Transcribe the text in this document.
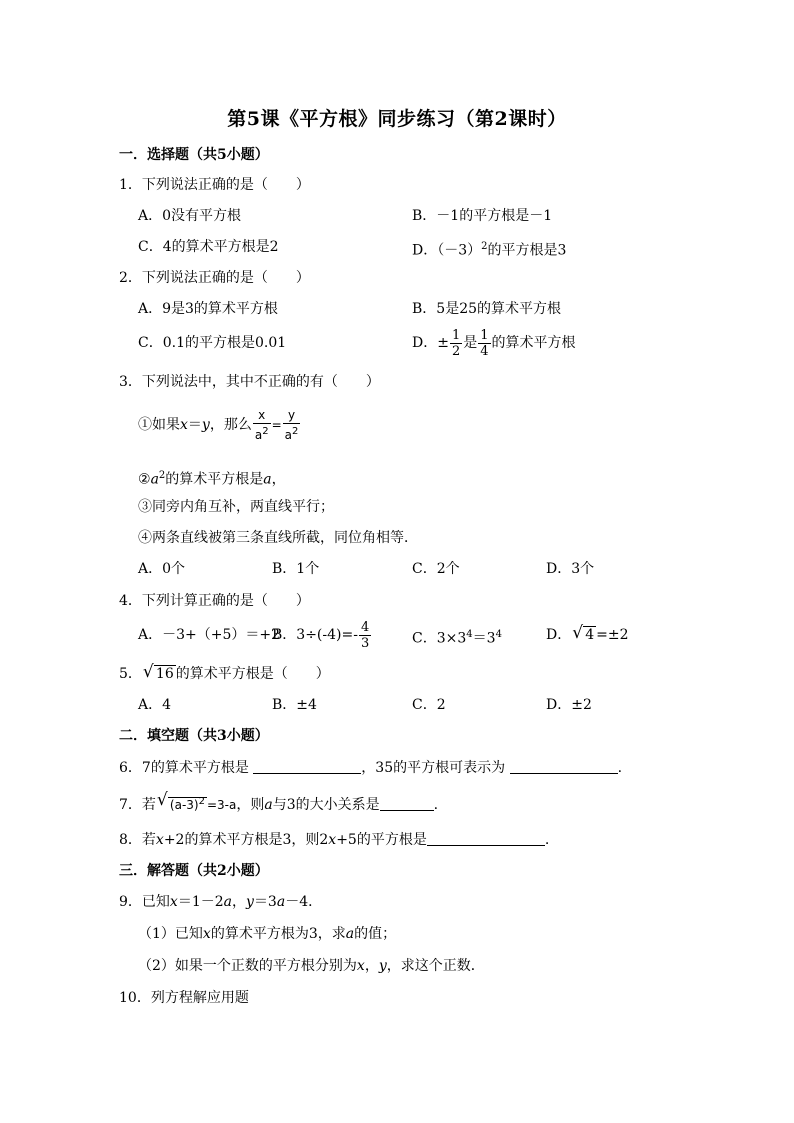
第5课《平方根》同步练习（第2课时）
一．选择题（共5小题）
1．下列说法正确的是（　　）
A．0没有平方根	B．－1的平方根是－1
C．4的算术平方根是2	D．$(-3)^2$的平方根是3
2．下列说法正确的是（　　）
A．9是3的算术平方根	B．5是25的算术平方根
C．0.1的平方根是0.01	D．± $\frac{1}{2}$ 是 $\frac{1}{4}$ 的算术平方根
3．下列说法中，其中不正确的有（　　）
①如果x＝y，那么 $\frac{x}{a^2} = \frac{y}{a^2}$
$②a^2$的算术平方根是a，
③同旁内角互补，两直线平行；
④两条直线被第三条直线所截，同位角相等．
A．0个	B．1个	C．2个	D．3个
4．下列计算正确的是（　　）
A．－3+（+5）＝+2
B．$3\div(-4)=- \frac{4}{3}$	C．$3\times 3^4=3^4$	D． √ 4 =±2
5． √ 16 的算术平方根是（　　）
A．4	B．±4	C．2	D．±2
二．填空题（共3小题）
6．7的算术平方根是	，35的平方根可表示为	.
7．若 √ $(a-3)^2 =3-a$，则a与3的大小关系是	.
8．若x+2的算术平方根是3，则2x+5的平方根是	.
三．解答题（共2小题）
9．已知x＝1－2a，y＝3a－4．
（1）已知x的算术平方根为3，求a的值；
（2）如果一个正数的平方根分别为x，y，求这个正数．
10．列方程解应用题
